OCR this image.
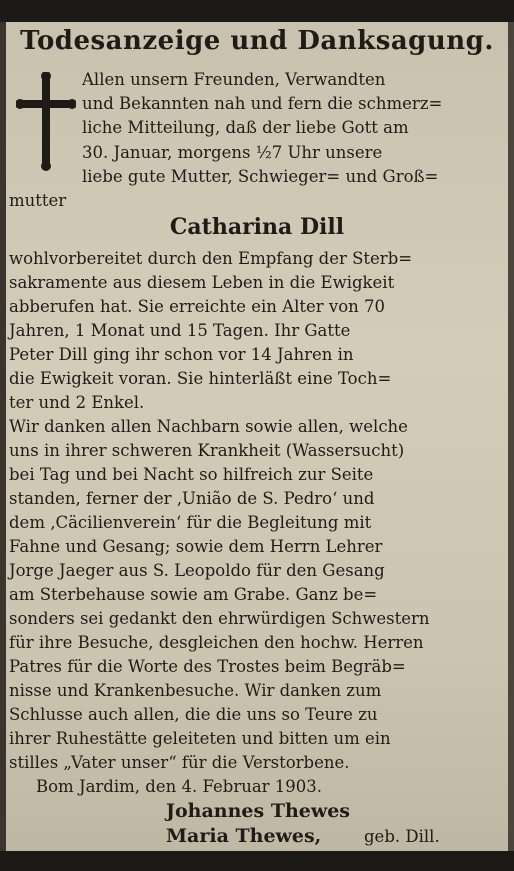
Todesanzeige und Danksagung.
Allen unsern Freunden, Verwandten
und Bekannten nah und fern die schmerz=
liche Mitteilung, daß der liebe Gott am
30. Januar, morgens ½7 Uhr unsere
liebe gute Mutter, Schwieger= und Groß=
mutter
Catharina Dill
wohlvorbereitet durch den Empfang der Sterb=
sakramente aus diesem Leben in die Ewigkeit
abberufen hat. Sie erreichte ein Alter von 70
Jahren, 1 Monat und 15 Tagen. Ihr Gatte
Peter Dill ging ihr schon vor 14 Jahren in
die Ewigkeit voran. Sie hinterläßt eine Toch=
ter und 2 Enkel.
Wir danken allen Nachbarn sowie allen, welche
uns in ihrer schweren Krankheit (Wassersucht)
bei Tag und bei Nacht so hilfreich zur Seite
standen, ferner der ‚União de S. Pedro‘ und
dem ‚Cäcilienverein‘ für die Begleitung mit
Fahne und Gesang; sowie dem Herrn Lehrer
Jorge Jaeger aus S. Leopoldo für den Gesang
am Sterbehause sowie am Grabe. Ganz be=
sonders sei gedankt den ehrwürdigen Schwestern
für ihre Besuche, desgleichen den hochw. Herren
Patres für die Worte des Trostes beim Begräb=
nisse und Krankenbesuche. Wir danken zum
Schlusse auch allen, die die uns so Teure zu
ihrer Ruhestätte geleiteten und bitten um ein
stilles „Vater unser“ für die Verstorbene.
Bom Jardim, den 4. Februar 1903.
Johannes Thewes
Maria Thewes,	geb. Dill.
